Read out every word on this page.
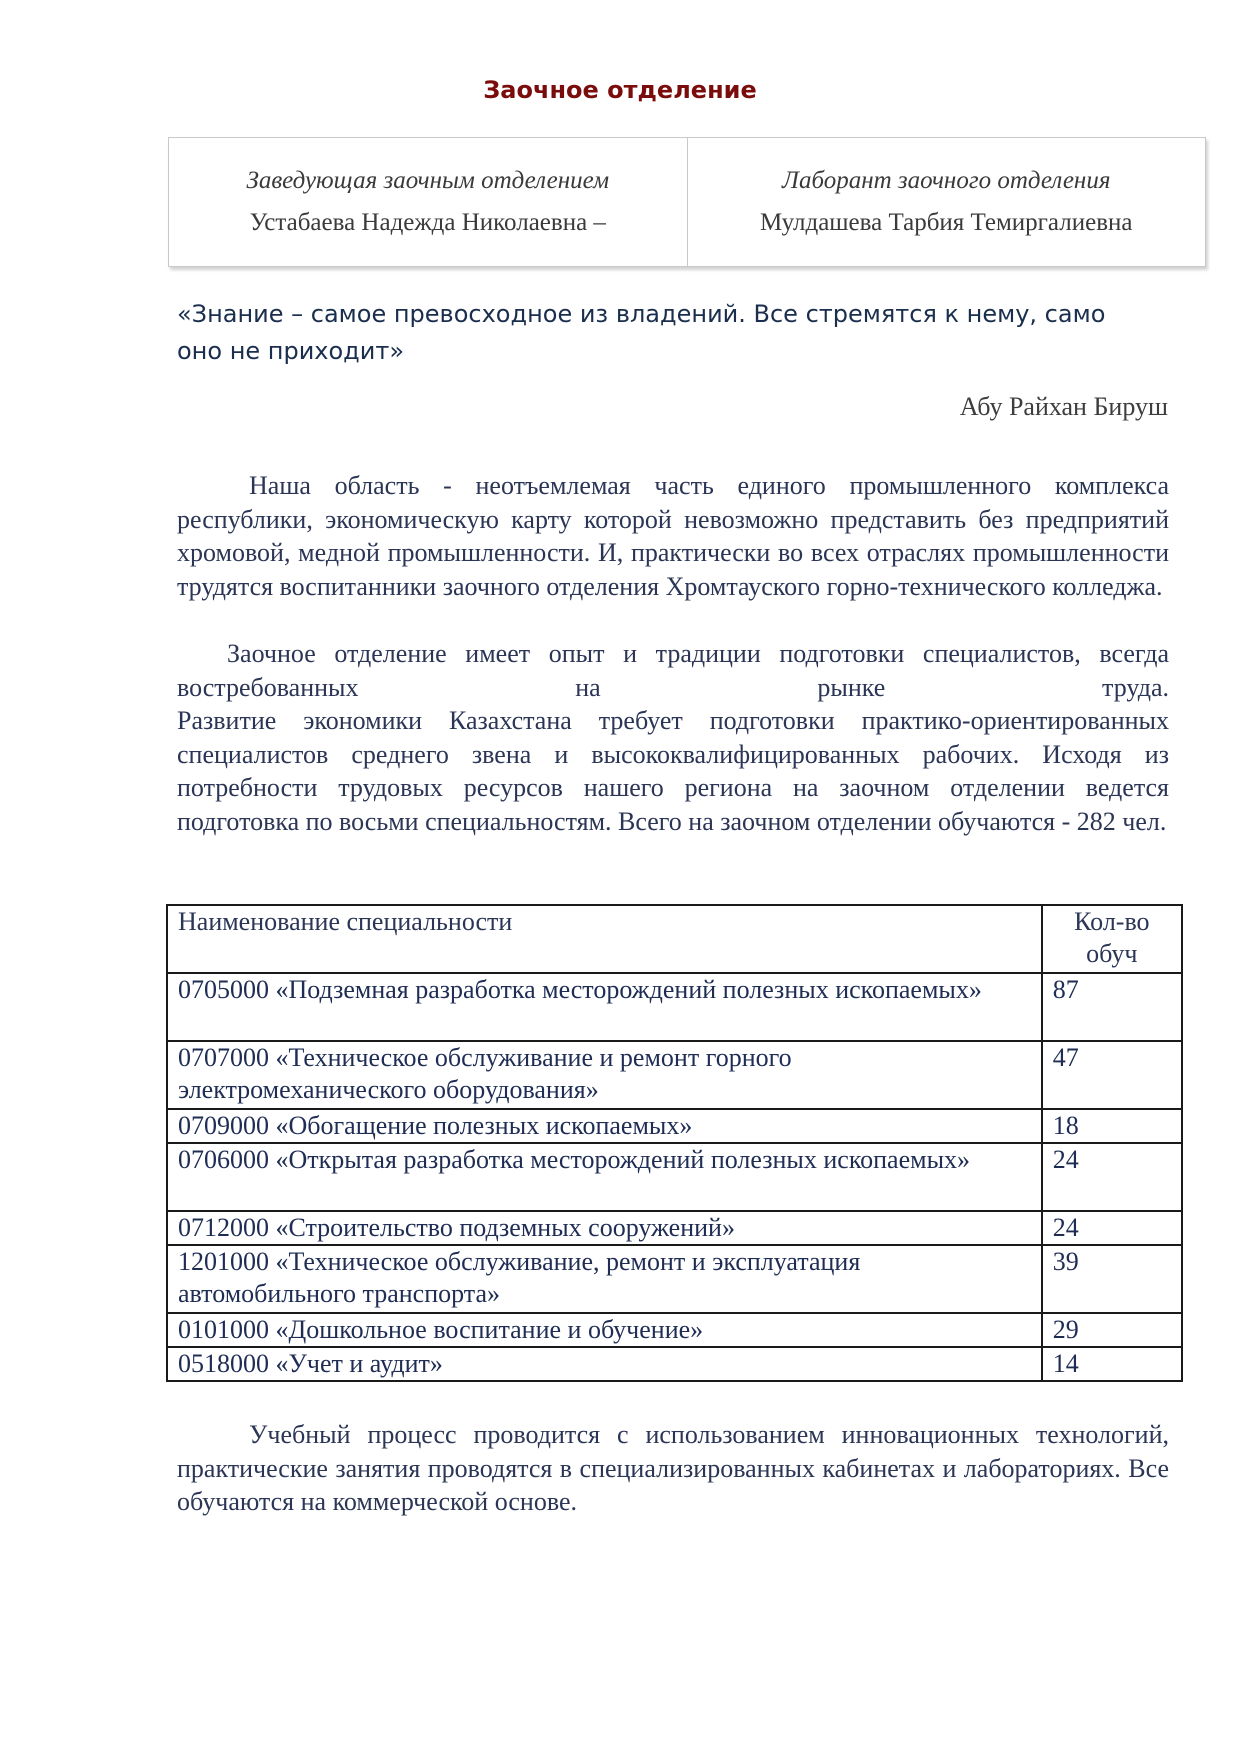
Заочное отделение
Заведующая заочным отделением
Устабаева Надежда Николаевна –

Лаборант заочного отделения
Мулдашева Тарбия Темиргалиевна
«Знание – самое превосходное из владений. Все стремятся к нему, само
оно не приходит»
Абу Райхан Бируш

Наша область - неотъемлемая часть единого промышленного комплекса республики, экономическую карту которой невозможно представить без предприятий хромовой, медной промышленности. И, практически во всех отраслях промышленности трудятся воспитанники заочного отделения Хромтауского горно-технического колледжа.

Заочное отделение имеет опыт и традиции подготовки специалистов, всегда востребованных на рынке труда.

Развитие экономики Казахстана требует подготовки практико-ориентированных специалистов среднего звена и высококвалифицированных рабочих. Исходя из потребности трудовых ресурсов нашего региона на заочном отделении ведется подготовка по восьми специальностям. Всего на заочном отделении обучаются - 282 чел.

Наименование специальности	Кол-во
обуч
0705000 «Подземная разработка месторождений полезных ископаемых»	87
0707000 «Техническое обслуживание и ремонт горного электромеханического оборудования»	47
0709000 «Обогащение полезных ископаемых»	18
0706000 «Открытая разработка месторождений полезных ископаемых»	24
0712000 «Строительство подземных сооружений»	24
1201000 «Техническое обслуживание, ремонт и эксплуатация автомобильного транспорта»	39
0101000 «Дошкольное воспитание и обучение»	29
0518000 «Учет и аудит»	14

Учебный процесс проводится с использованием инновационных технологий, практические занятия проводятся в специализированных кабинетах и лабораториях. Все обучаются на коммерческой основе.
